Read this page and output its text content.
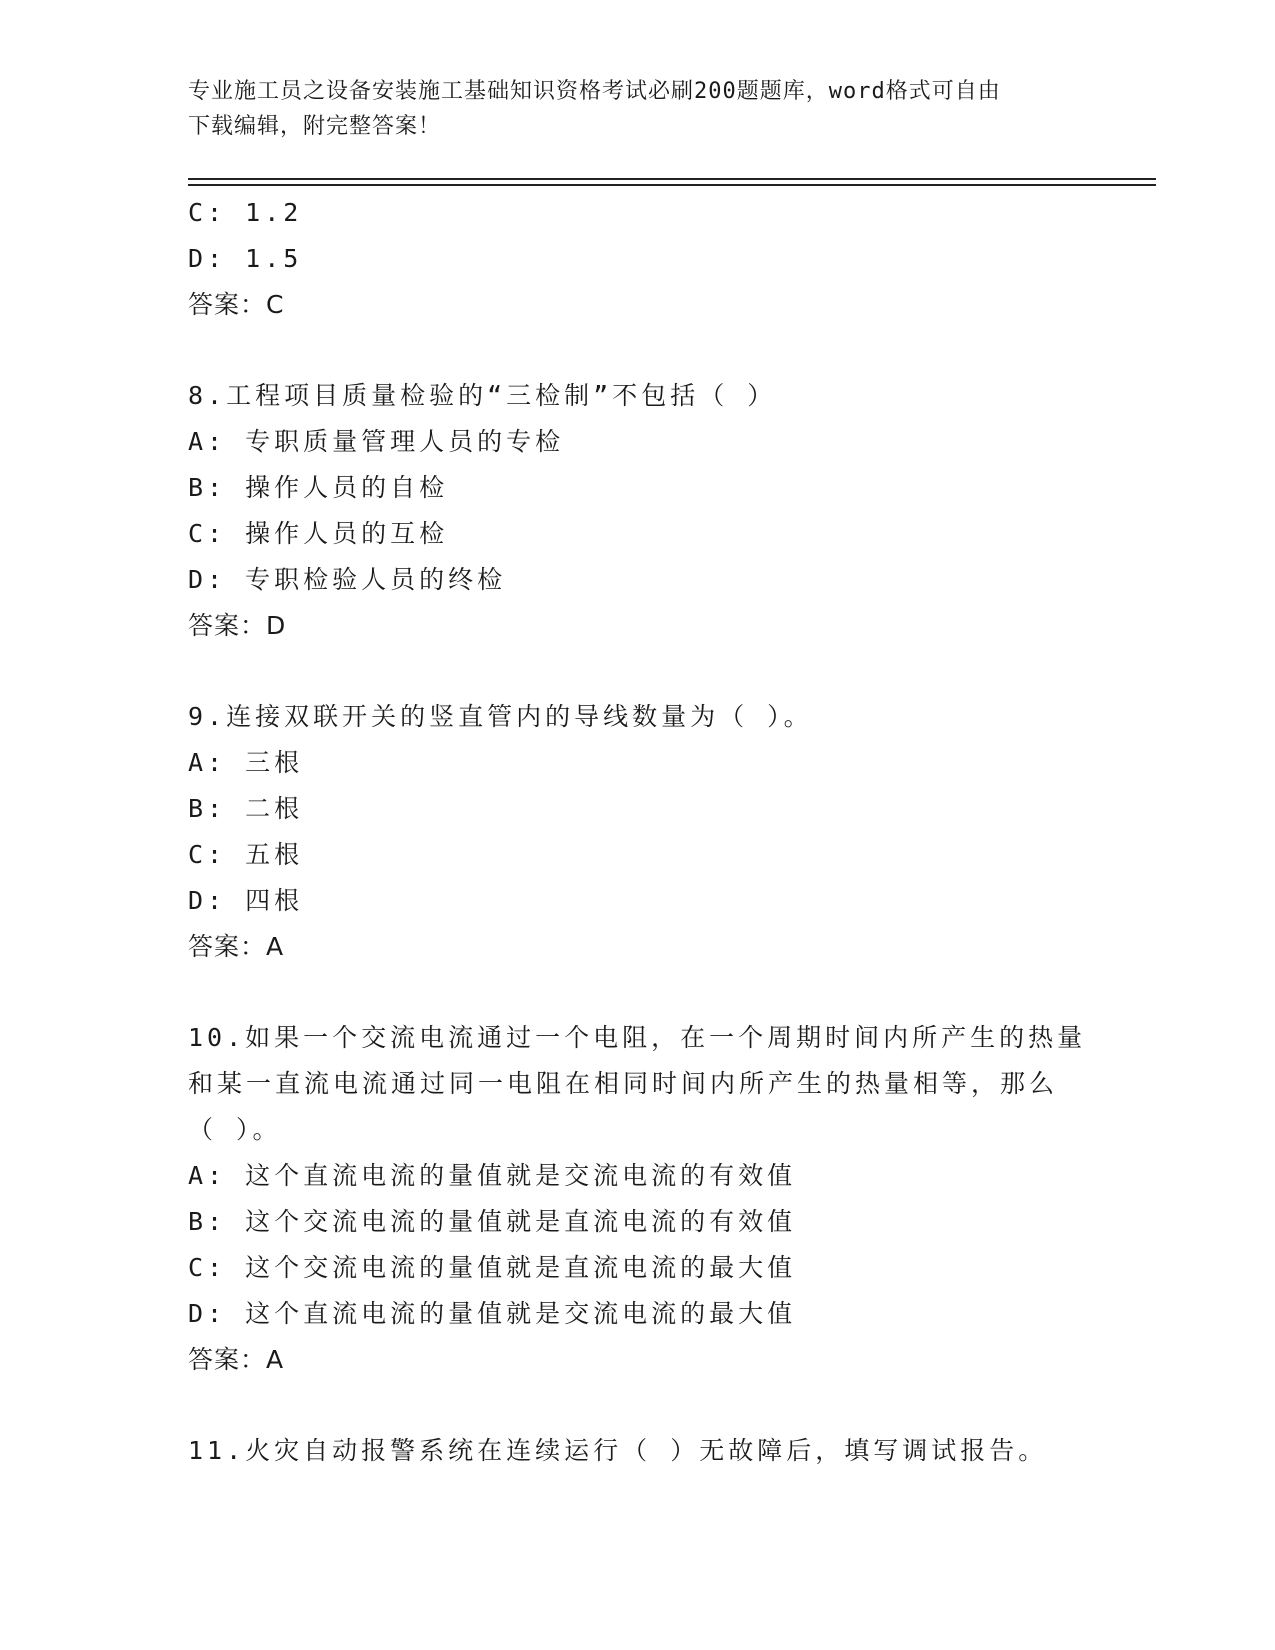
专业施工员之设备安装施工基础知识资格考试必刷200题题库，word格式可自由
下载编辑，附完整答案！
C: 1.2
D: 1.5
答案：C
8.工程项目质量检验的“三检制”不包括（ ）
A: 专职质量管理人员的专检
B: 操作人员的自检
C: 操作人员的互检
D: 专职检验人员的终检
答案：D
9.连接双联开关的竖直管内的导线数量为（ ）。
A: 三根
B: 二根
C: 五根
D: 四根
答案：A
10.如果一个交流电流通过一个电阻，在一个周期时间内所产生的热量
和某一直流电流通过同一电阻在相同时间内所产生的热量相等，那么
（ ）。
A: 这个直流电流的量值就是交流电流的有效值
B: 这个交流电流的量值就是直流电流的有效值
C: 这个交流电流的量值就是直流电流的最大值
D: 这个直流电流的量值就是交流电流的最大值
答案：A
11.火灾自动报警系统在连续运行（ ）无故障后，填写调试报告。
